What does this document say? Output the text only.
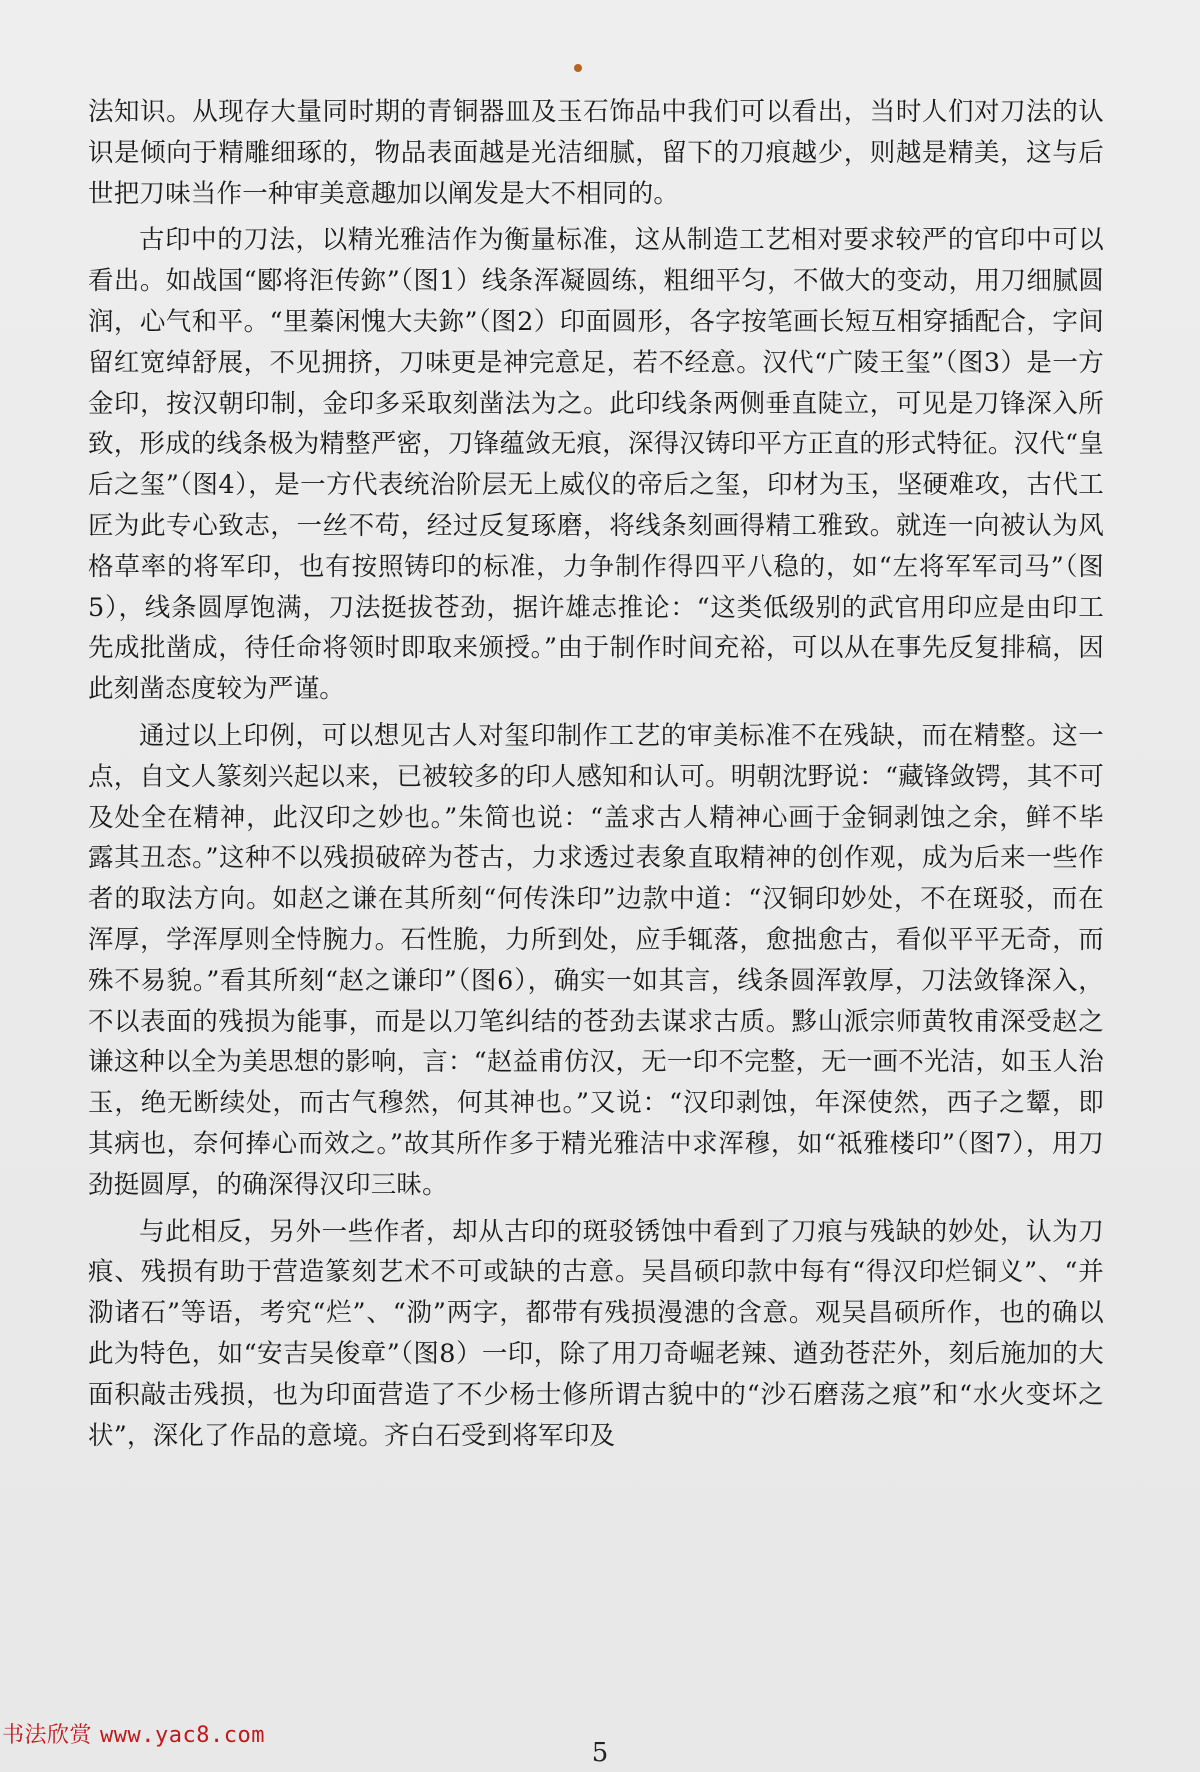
法知识。从现存大量同时期的青铜器皿及玉石饰品中我们可以看出，当时人们对刀法的认识是倾向于精雕细琢的，物品表面越是光洁细腻，留下的刀痕越少，则越是精美，这与后世把刀味当作一种审美意趣加以阐发是大不相同的。

古印中的刀法，以精光雅洁作为衡量标准，这从制造工艺相对要求较严的官印中可以看出。如战国“郾将洰传鉨”（图1）线条浑凝圆练，粗细平匀，不做大的变动，用刀细腻圆润，心气和平。“里蓁闲愧大夫鉨”（图2）印面圆形，各字按笔画长短互相穿插配合，字间留红宽绰舒展，不见拥挤，刀味更是神完意足，若不经意。汉代“广陵王玺”（图3）是一方金印，按汉朝印制，金印多采取刻凿法为之。此印线条两侧垂直陡立，可见是刀锋深入所致，形成的线条极为精整严密，刀锋蕴敛无痕，深得汉铸印平方正直的形式特征。汉代“皇后之玺”（图4），是一方代表统治阶层无上威仪的帝后之玺，印材为玉，坚硬难攻，古代工匠为此专心致志，一丝不苟，经过反复琢磨，将线条刻画得精工雅致。就连一向被认为风格草率的将军印，也有按照铸印的标准，力争制作得四平八稳的，如“左将军军司马”（图5），线条圆厚饱满，刀法挺拔苍劲，据许雄志推论：“这类低级别的武官用印应是由印工先成批凿成，待任命将领时即取来颁授。”由于制作时间充裕，可以从在事先反复排稿，因此刻凿态度较为严谨。

通过以上印例，可以想见古人对玺印制作工艺的审美标准不在残缺，而在精整。这一点，自文人篆刻兴起以来，已被较多的印人感知和认可。明朝沈野说：“藏锋敛锷，其不可及处全在精神，此汉印之妙也。”朱简也说：“盖求古人精神心画于金铜剥蚀之余，鲜不毕露其丑态。”这种不以残损破碎为苍古，力求透过表象直取精神的创作观，成为后来一些作者的取法方向。如赵之谦在其所刻“何传洙印”边款中道：“汉铜印妙处，不在斑驳，而在浑厚，学浑厚则全恃腕力。石性脆，力所到处，应手辄落，愈拙愈古，看似平平无奇，而殊不易貌。”看其所刻“赵之谦印”（图6），确实一如其言，线条圆浑敦厚，刀法敛锋深入，不以表面的残损为能事，而是以刀笔纠结的苍劲去谋求古质。黟山派宗师黄牧甫深受赵之谦这种以全为美思想的影响，言：“赵益甫仿汉，无一印不完整，无一画不光洁，如玉人治玉，绝无断续处，而古气穆然，何其神也。”又说：“汉印剥蚀，年深使然，西子之颦，即其病也，奈何捧心而效之。”故其所作多于精光雅洁中求浑穆，如“祗雅楼印”（图7），用刀劲挺圆厚，的确深得汉印三昧。

与此相反，另外一些作者，却从古印的斑驳锈蚀中看到了刀痕与残缺的妙处，认为刀痕、残损有助于营造篆刻艺术不可或缺的古意。吴昌硕印款中每有“得汉印烂铜义”、“并泐诸石”等语，考究“烂”、“泐”两字，都带有残损漫漶的含意。观吴昌硕所作，也的确以此为特色，如“安吉吴俊章”（图8）一印，除了用刀奇崛老辣、遒劲苍茫外，刻后施加的大面积敲击残损，也为印面营造了不少杨士修所谓古貌中的“沙石磨荡之痕”和“水火变坏之状”，深化了作品的意境。齐白石受到将军印及

书法欣赏 www.yac8.com
5
